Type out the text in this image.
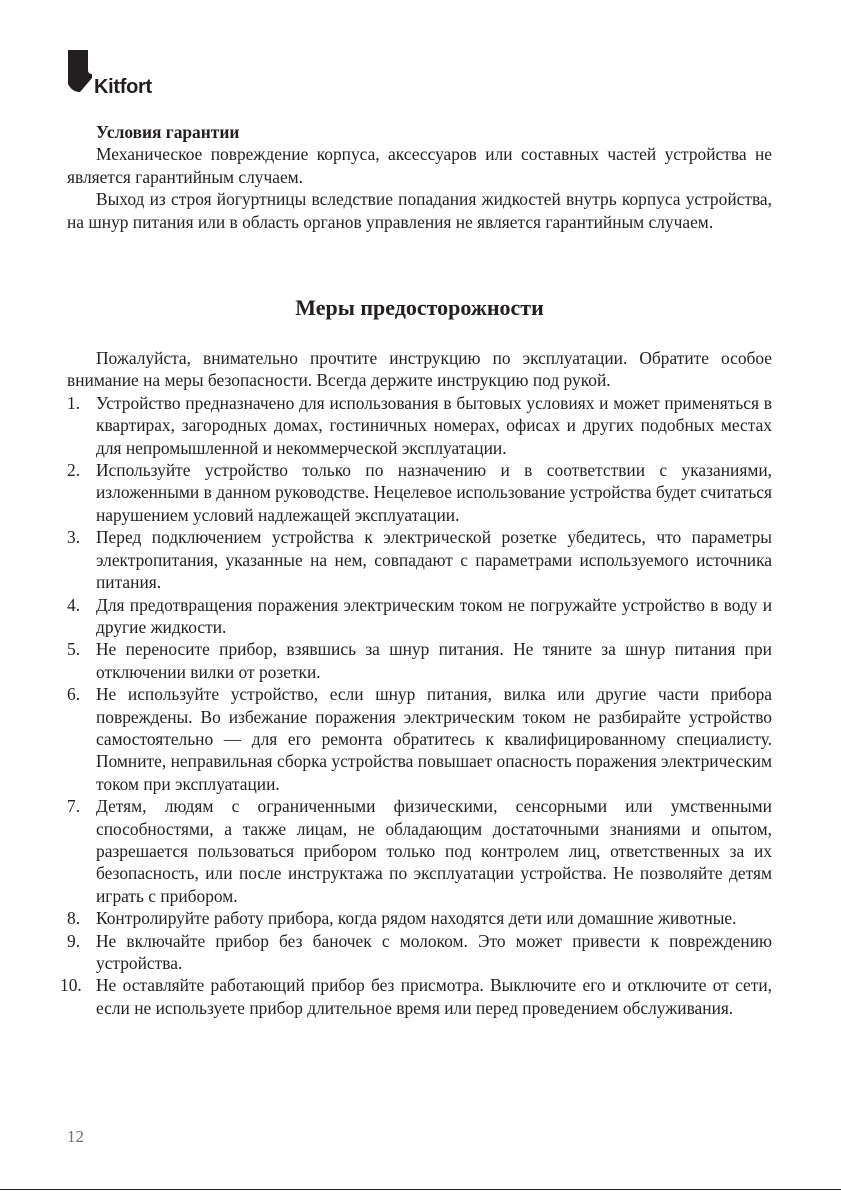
Kitfort

Условия гарантии

Механическое повреждение корпуса, аксессуаров или составных частей устройства не является гарантийным случаем.

Выход из строя йогуртницы вследствие попадания жидкостей внутрь корпуса устройства, на шнур питания или в область органов управления не является гарантийным случаем.

Меры предосторожности

Пожалуйста, внимательно прочтите инструкцию по эксплуатации. Обратите особое внимание на меры безопасности. Всегда держите инструкцию под рукой.

1. Устройство предназначено для использования в бытовых условиях и может применяться в квартирах, загородных домах, гостиничных номерах, офисах и других подобных местах для непромышленной и некоммерческой эксплуатации.
2. Используйте устройство только по назначению и в соответствии с указаниями, изложенными в данном руководстве. Нецелевое использование устройства будет считаться нарушением условий надлежащей эксплуатации.
3. Перед подключением устройства к электрической розетке убедитесь, что параметры электропитания, указанные на нем, совпадают с параметрами используемого источника питания.
4. Для предотвращения поражения электрическим током не погружайте устройство в воду и другие жидкости.
5. Не переносите прибор, взявшись за шнур питания. Не тяните за шнур питания при отключении вилки от розетки.
6. Не используйте устройство, если шнур питания, вилка или другие части прибора повреждены. Во избежание поражения электрическим током не разбирайте устройство самостоятельно — для его ремонта обратитесь к квалифицированному специалисту. Помните, неправильная сборка устройства повышает опасность поражения электрическим током при эксплуатации.
7. Детям, людям с ограниченными физическими, сенсорными или умственными способностями, а также лицам, не обладающим достаточными знаниями и опытом, разрешается пользоваться прибором только под контролем лиц, ответственных за их безопасность, или после инструктажа по эксплуатации устройства. Не позволяйте детям играть с прибором.
8. Контролируйте работу прибора, когда рядом находятся дети или домашние животные.
9. Не включайте прибор без баночек с молоком. Это может привести к повреждению устройства.
10. Не оставляйте работающий прибор без присмотра. Выключите его и отключите от сети, если не используете прибор длительное время или перед проведением обслуживания.
12
